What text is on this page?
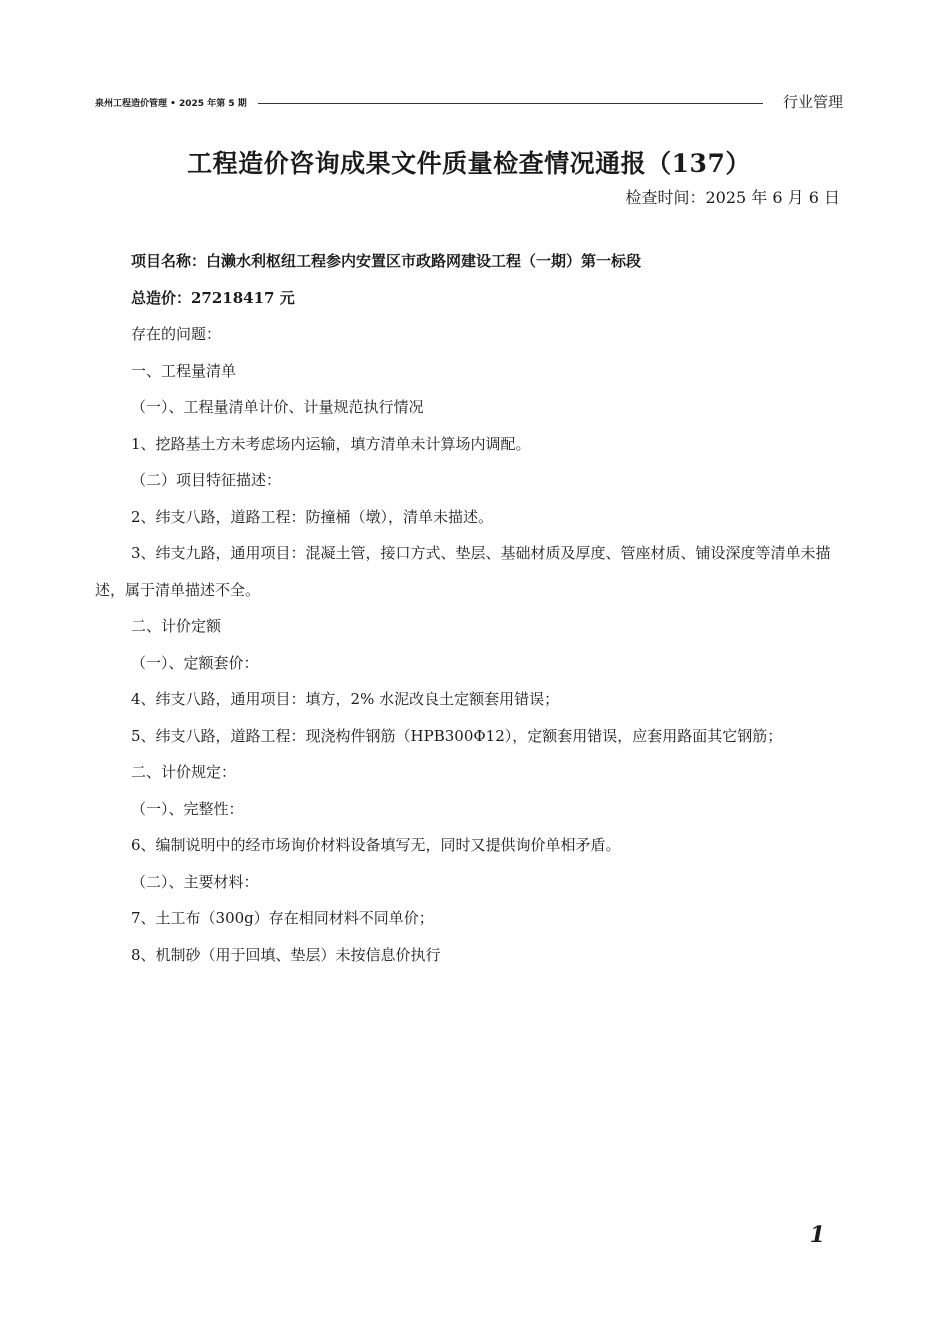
泉州工程造价管理 • 2025 年第 5 期	行业管理
工程造价咨询成果文件质量检查情况通报（137）
检查时间：2025 年 6 月 6 日

项目名称：白濑水利枢纽工程参内安置区市政路网建设工程（一期）第一标段

总造价：27218417 元

存在的问题：

一、工程量清单

（一）、工程量清单计价、计量规范执行情况

1、挖路基土方未考虑场内运输，填方清单未计算场内调配。

（二）项目特征描述：

2、纬支八路，道路工程：防撞桶（墩），清单未描述。

3、纬支九路，通用项目：混凝土管，接口方式、垫层、基础材质及厚度、管座材质、铺设深度等清单未描述，属于清单描述不全。

二、计价定额

（一）、定额套价：

4、纬支八路，通用项目：填方，2% 水泥改良土定额套用错误；

5、纬支八路，道路工程：现浇构件钢筋（HPB300Φ12），定额套用错误，应套用路面其它钢筋；

二、计价规定：

（一）、完整性：

6、编制说明中的经市场询价材料设备填写无，同时又提供询价单相矛盾。

（二）、主要材料：

7、土工布（300g）存在相同材料不同单价；

8、机制砂（用于回填、垫层）未按信息价执行

1
